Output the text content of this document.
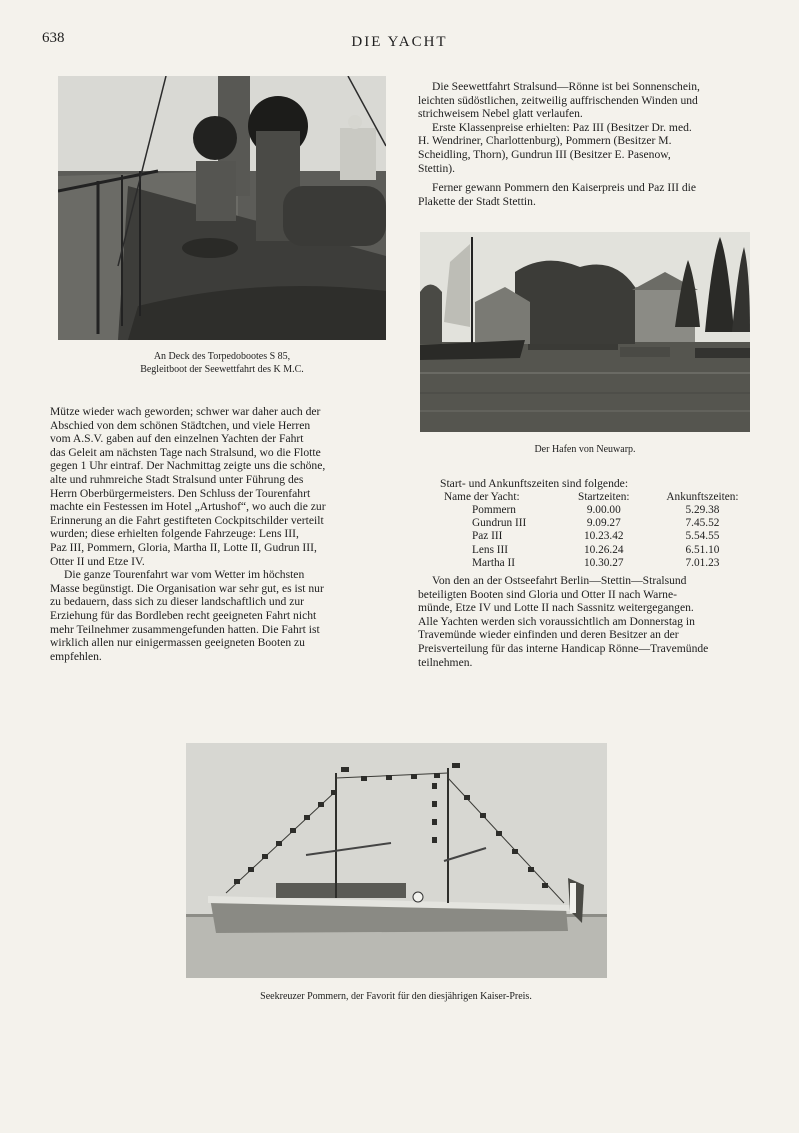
638	DIE YACHT
An Deck des Torpedobootes S 85,
Begleitboot der Seewettfahrt des K M.C.

Mütze wieder wach geworden; schwer war daher auch der

Abschied von dem schönen Städtchen, und viele Herren

vom A.S.V. gaben auf den einzelnen Yachten der Fahrt

das Geleit am nächsten Tage nach Stralsund, wo die Flotte

gegen 1 Uhr eintraf. Der Nachmittag zeigte uns die schöne,

alte und ruhmreiche Stadt Stralsund unter Führung des

Herrn Oberbürgermeisters. Den Schluss der Tourenfahrt

machte ein Festessen im Hotel „Artushof“, wo auch die zur

Erinnerung an die Fahrt gestifteten Cockpitschilder verteilt

wurden; diese erhielten folgende Fahrzeuge: Lens III,

Paz III, Pommern, Gloria, Martha II, Lotte II, Gudrun III,

Otter II und Etze IV.

Die ganze Tourenfahrt war vom Wetter im höchsten

Masse begünstigt. Die Organisation war sehr gut, es ist nur

zu bedauern, dass sich zu dieser landschaftlich und zur

Erziehung für das Bordleben recht geeigneten Fahrt nicht

mehr Teilnehmer zusammengefunden hatten. Die Fahrt ist

wirklich allen nur einigermassen geeigneten Booten zu

empfehlen.

Die Seewettfahrt Stralsund—Rönne ist bei Sonnenschein,

leichten südöstlichen, zeitweilig auffrischenden Winden und

strichweisem Nebel glatt verlaufen.

Erste Klassenpreise erhielten: Paz III (Besitzer Dr. med.

H. Wendriner, Charlottenburg), Pommern (Besitzer M.

Scheidling, Thorn), Gundrun III (Besitzer E. Pasenow,

Stettin).

Ferner gewann Pommern den Kaiserpreis und Paz III die

Plakette der Stadt Stettin.

Der Hafen von Neuwarp.
Start- und Ankunftszeiten sind folgende:
Name der Yacht:	Startzeiten:	Ankunftszeiten:
Pommern	9.00.00	5.29.38
Gundrun III	9.09.27	7.45.52
Paz III	10.23.42	5.54.55
Lens III	10.26.24	6.51.10
Martha II	10.30.27	7.01.23

Von den an der Ostseefahrt Berlin—Stettin—Stralsund

beteiligten Booten sind Gloria und Otter II nach Warne-

münde, Etze IV und Lotte II nach Sassnitz weitergegangen.

Alle Yachten werden sich voraussichtlich am Donnerstag in

Travemünde wieder einfinden und deren Besitzer an der

Preisverteilung für das interne Handicap Rönne—Travemünde

teilnehmen.

Seekreuzer Pommern, der Favorit für den diesjährigen Kaiser-Preis.
